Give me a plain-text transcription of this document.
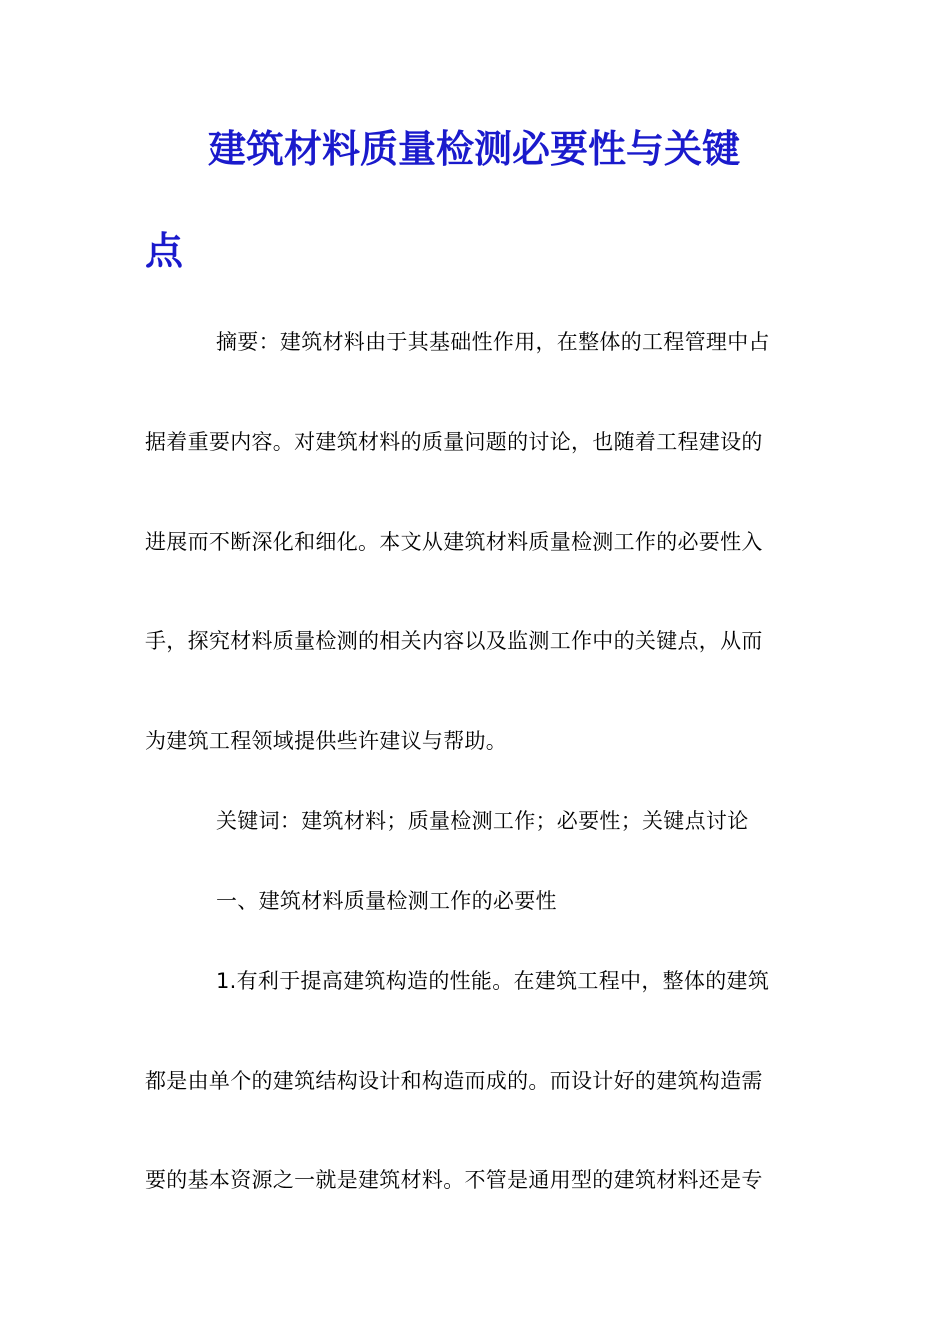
建筑材料质量检测必要性与关键
点
摘要：建筑材料由于其基础性作用，在整体的工程管理中占
据着重要内容。对建筑材料的质量问题的讨论，也随着工程建设的
进展而不断深化和细化。本文从建筑材料质量检测工作的必要性入
手，探究材料质量检测的相关内容以及监测工作中的关键点，从而
为建筑工程领域提供些许建议与帮助。
关键词：建筑材料；质量检测工作；必要性；关键点讨论
一、建筑材料质量检测工作的必要性
1.有利于提高建筑构造的性能。在建筑工程中，整体的建筑
都是由单个的建筑结构设计和构造而成的。而设计好的建筑构造需
要的基本资源之一就是建筑材料。不管是通用型的建筑材料还是专
